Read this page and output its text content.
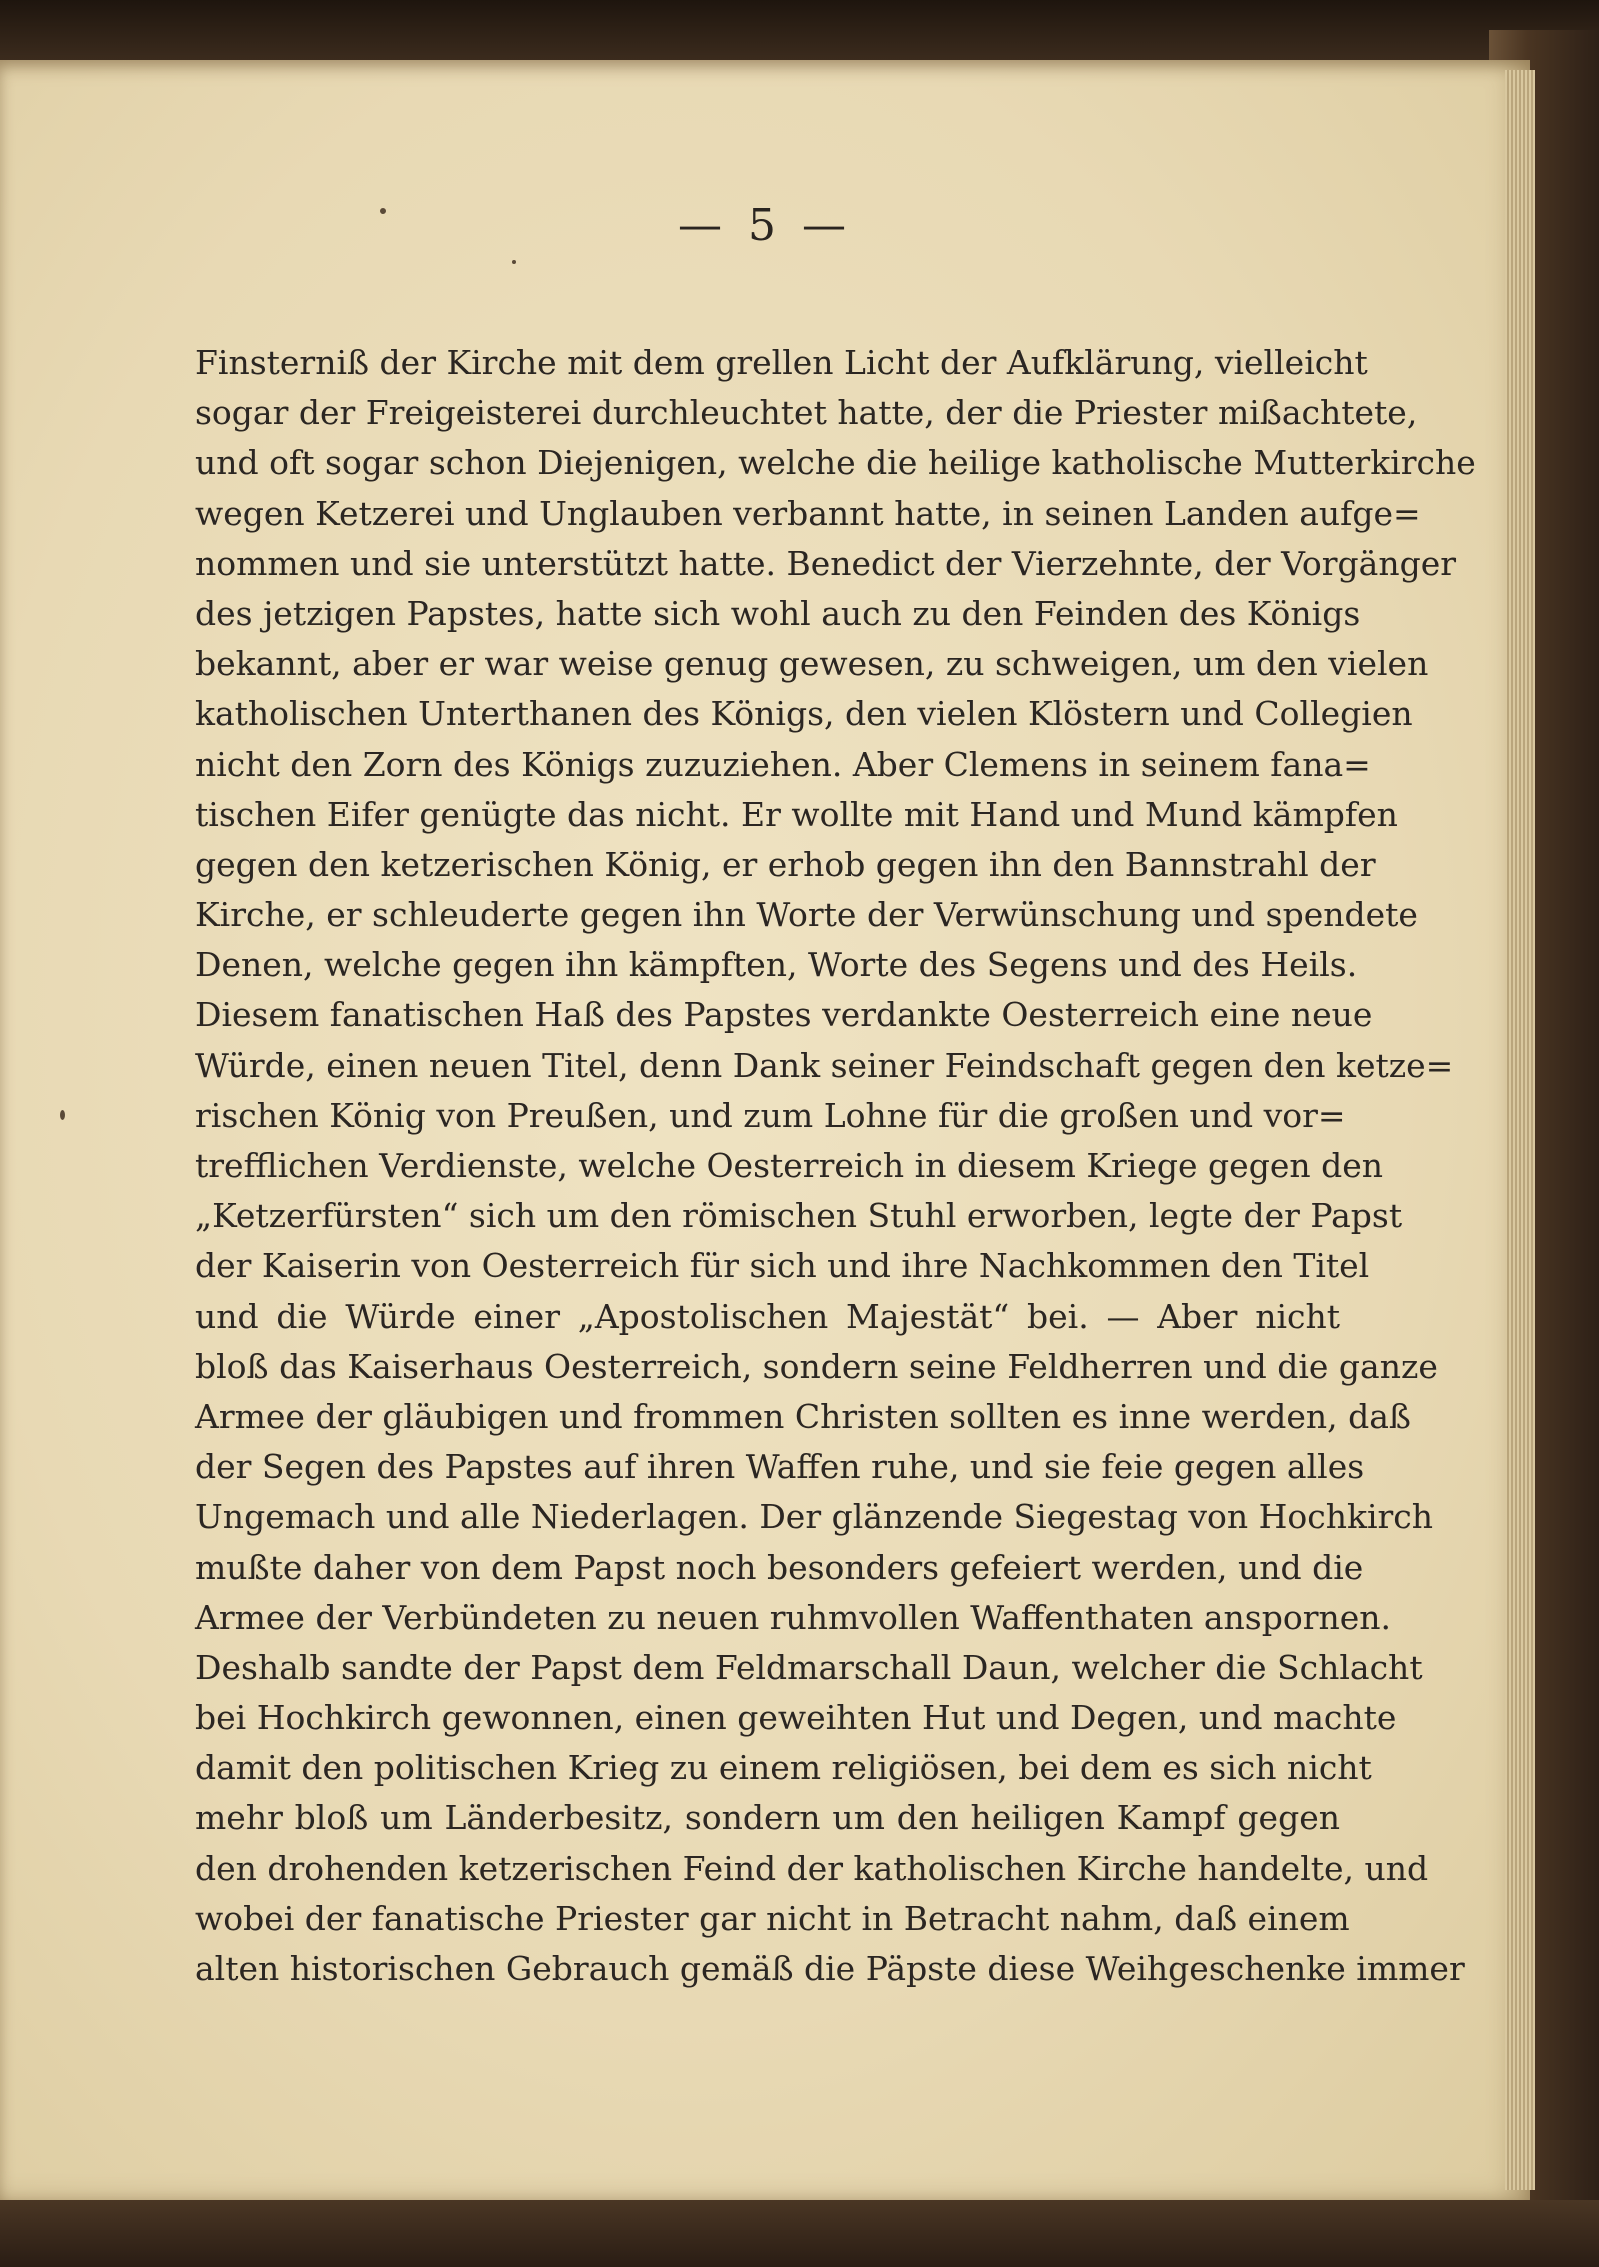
— 5 —
Finsterniß der Kirche mit dem grellen Licht der Aufklärung, vielleicht
sogar der Freigeisterei durchleuchtet hatte, der die Priester mißachtete,
und oft sogar schon Diejenigen, welche die heilige katholische Mutterkirche
wegen Ketzerei und Unglauben verbannt hatte, in seinen Landen aufge=
nommen und sie unterstützt hatte. Benedict der Vierzehnte, der Vorgänger
des jetzigen Papstes, hatte sich wohl auch zu den Feinden des Königs
bekannt, aber er war weise genug gewesen, zu schweigen, um den vielen
katholischen Unterthanen des Königs, den vielen Klöstern und Collegien
nicht den Zorn des Königs zuzuziehen. Aber Clemens in seinem fana=
tischen Eifer genügte das nicht. Er wollte mit Hand und Mund kämpfen
gegen den ketzerischen König, er erhob gegen ihn den Bannstrahl der
Kirche, er schleuderte gegen ihn Worte der Verwünschung und spendete
Denen, welche gegen ihn kämpften, Worte des Segens und des Heils.
Diesem fanatischen Haß des Papstes verdankte Oesterreich eine neue
Würde, einen neuen Titel, denn Dank seiner Feindschaft gegen den ketze=
rischen König von Preußen, und zum Lohne für die großen und vor=
trefflichen Verdienste, welche Oesterreich in diesem Kriege gegen den
„Ketzerfürsten“ sich um den römischen Stuhl erworben, legte der Papst
der Kaiserin von Oesterreich für sich und ihre Nachkommen den Titel
und die Würde einer „Apostolischen Majestät“ bei. — Aber nicht
bloß das Kaiserhaus Oesterreich, sondern seine Feldherren und die ganze
Armee der gläubigen und frommen Christen sollten es inne werden, daß
der Segen des Papstes auf ihren Waffen ruhe, und sie feie gegen alles
Ungemach und alle Niederlagen. Der glänzende Siegestag von Hochkirch
mußte daher von dem Papst noch besonders gefeiert werden, und die
Armee der Verbündeten zu neuen ruhmvollen Waffenthaten anspornen.
Deshalb sandte der Papst dem Feldmarschall Daun, welcher die Schlacht
bei Hochkirch gewonnen, einen geweihten Hut und Degen, und machte
damit den politischen Krieg zu einem religiösen, bei dem es sich nicht
mehr bloß um Länderbesitz, sondern um den heiligen Kampf gegen
den drohenden ketzerischen Feind der katholischen Kirche handelte, und
wobei der fanatische Priester gar nicht in Betracht nahm, daß einem
alten historischen Gebrauch gemäß die Päpste diese Weihgeschenke immer
